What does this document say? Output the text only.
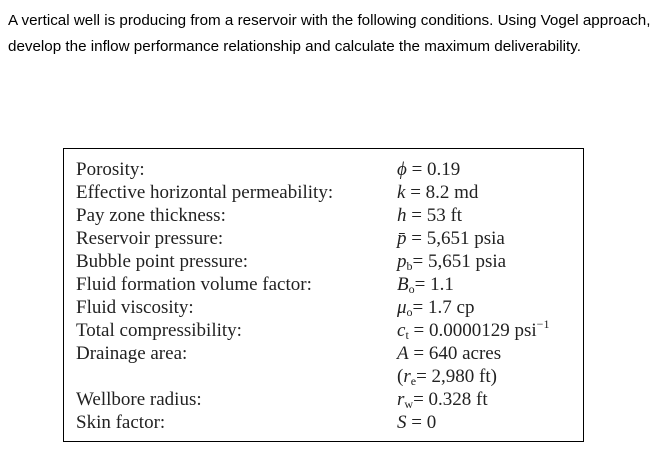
A vertical well is producing from a reservoir with the following conditions. Using Vogel approach, develop the inflow performance relationship and calculate the maximum deliverability.
Porosity:	ϕ = 0.19
Effective horizontal permeability:	k = 8.2 md
Pay zone thickness:	h = 53 ft
Reservoir pressure:	p̄ = 5,651 psia
Bubble point pressure:	$p_b= 5,651$ psia
Fluid formation volume factor:	$B_o= 1.1$
Fluid viscosity:	$\mu_o= 1.7$ cp
Total compressibility:	$c_t = 0.0000129$ psi$^{-1}$
Drainage area:	A = 640 acres
($r_e= 2,980$ ft)
Wellbore radius:	$r_w= 0.328$ ft
Skin factor:	S = 0
